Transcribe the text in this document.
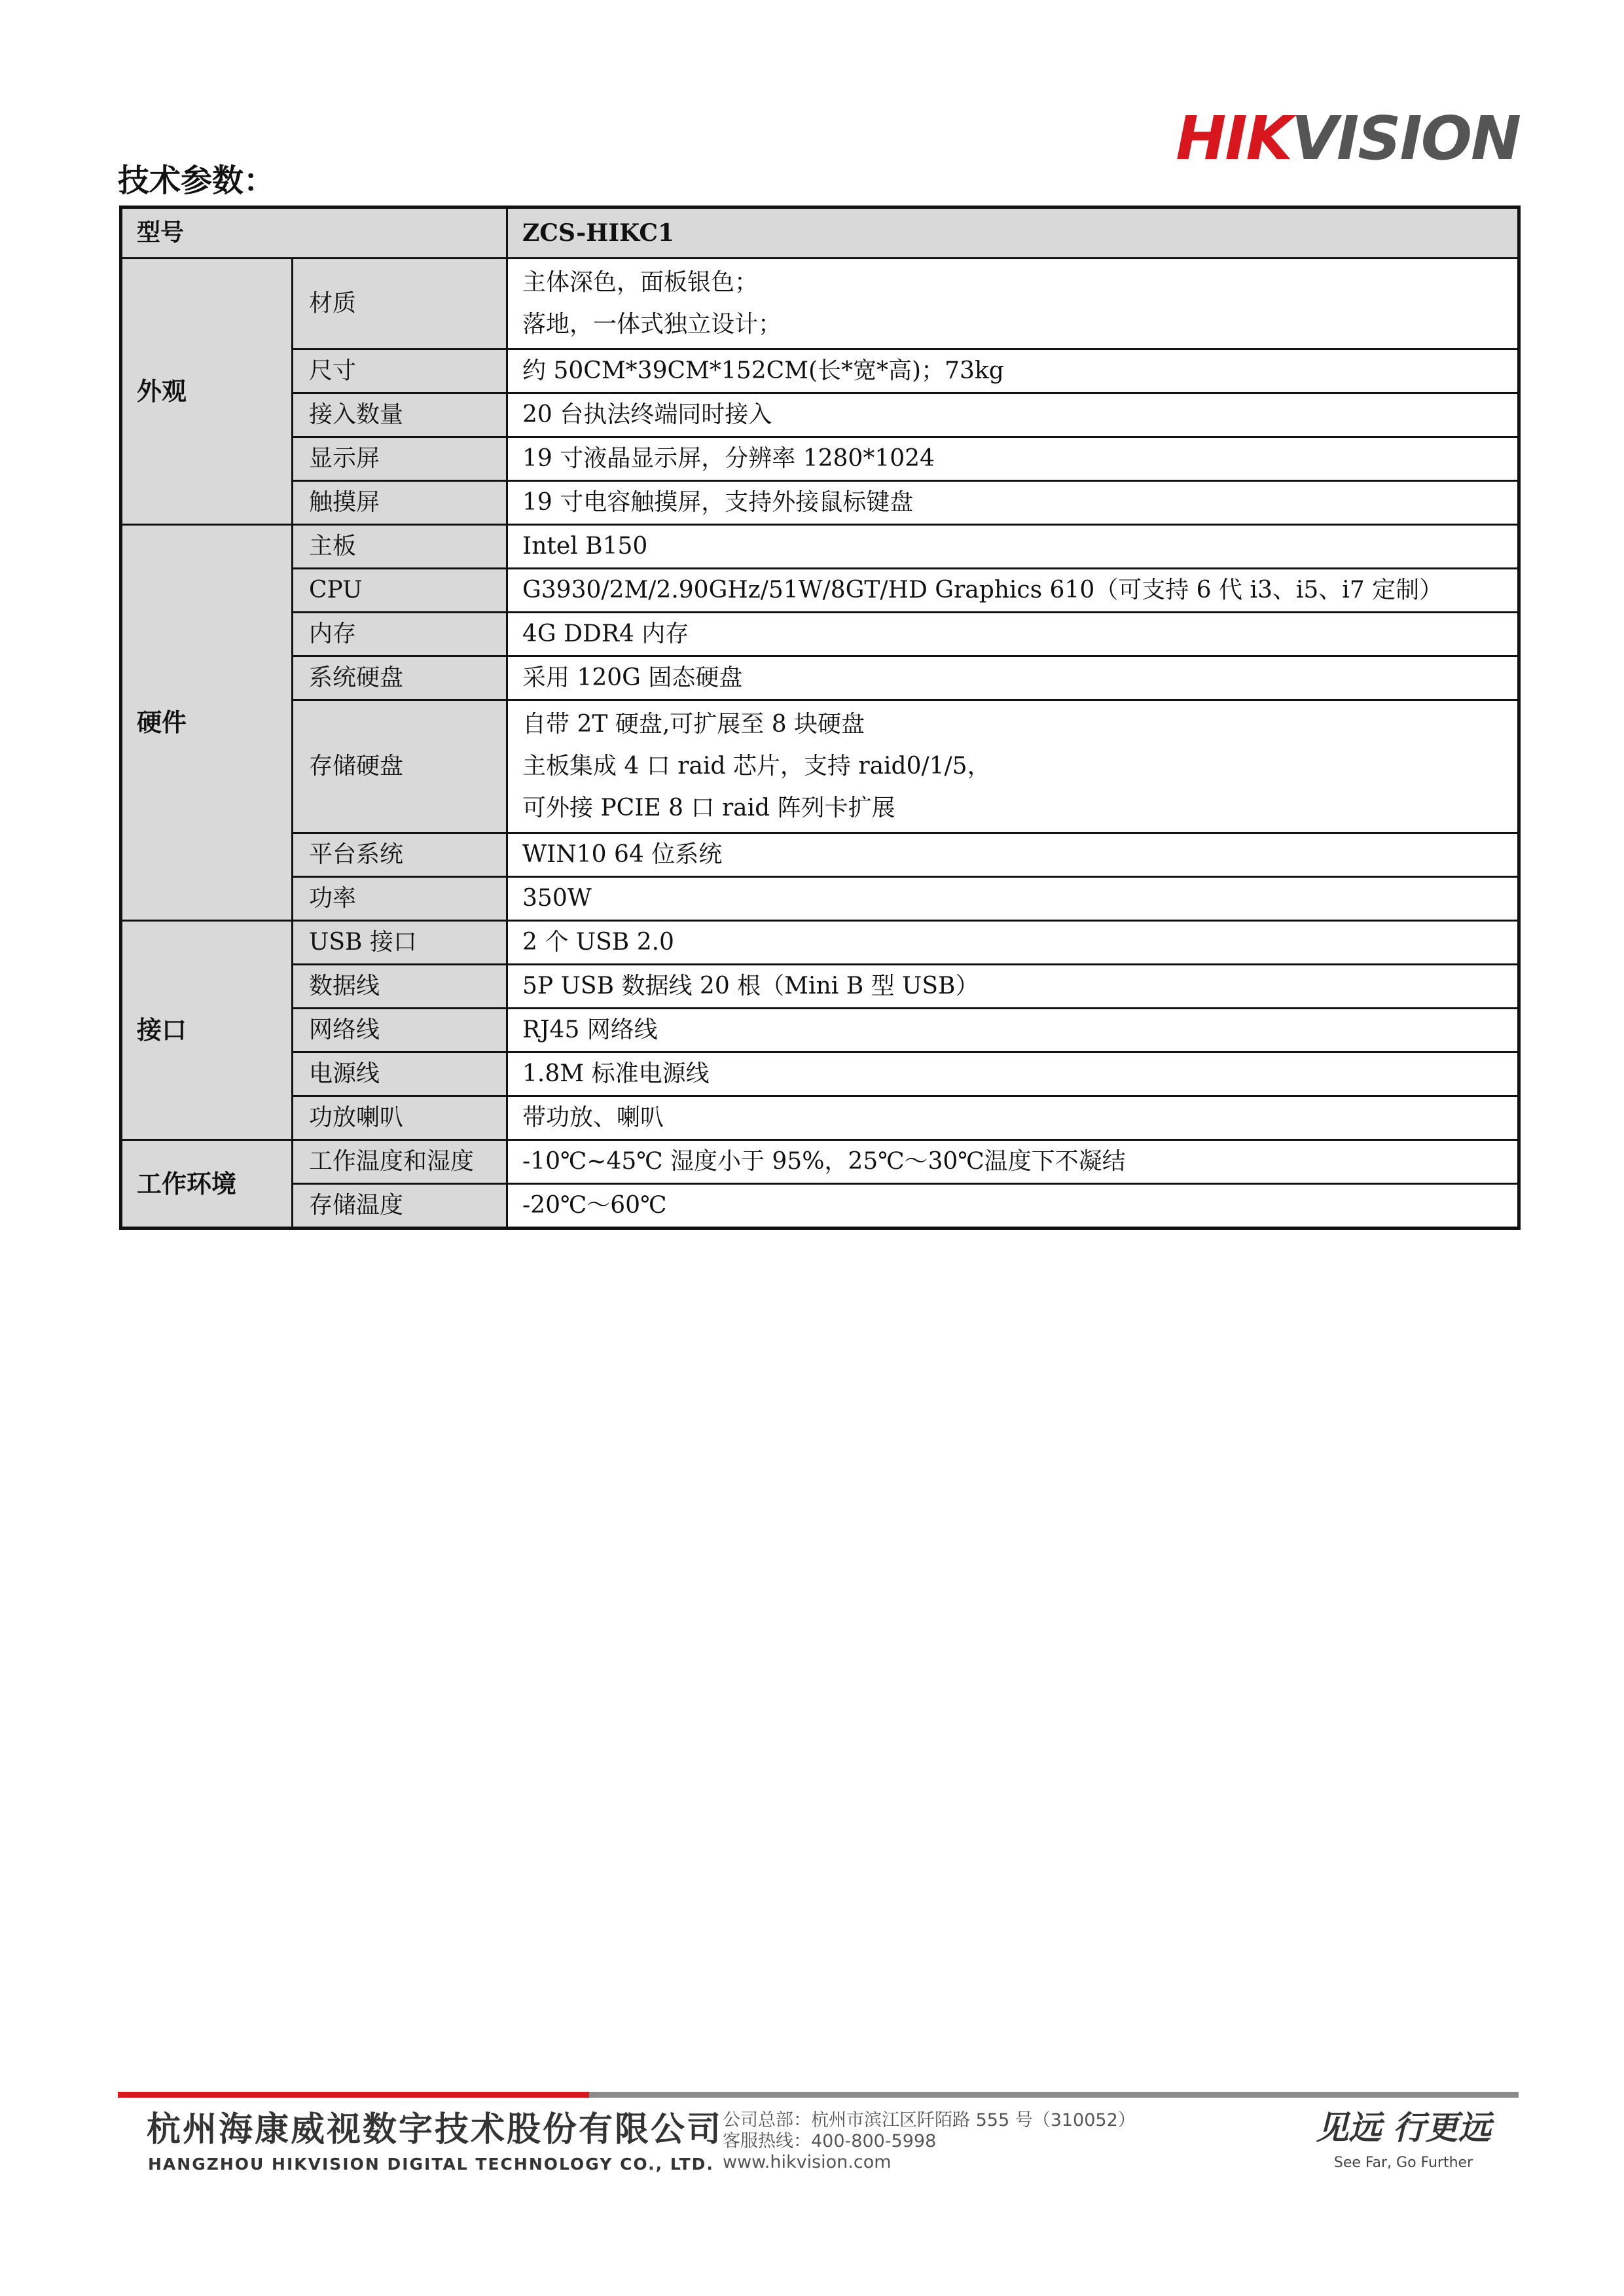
HIKVISION
技术参数：
型号		ZCS-HIKC1
外观	材质	主体深色，面板银色；
落地，一体式独立设计；

	尺寸	约 50CM*39CM*152CM(长*宽*高)；73kg

	接入数量	20 台执法终端同时接入

	显示屏	19 寸液晶显示屏，分辨率 1280*1024

	触摸屏	19 寸电容触摸屏，支持外接鼠标键盘

硬件	主板	Intel B150

	CPU	G3930/2M/2.90GHz/51W/8GT/HD Graphics 610（可支持 6 代 i3、i5、i7 定制）

	内存	4G DDR4 内存

	系统硬盘	采用 120G 固态硬盘

	存储硬盘	自带 2T 硬盘,可扩展至 8 块硬盘
主板集成 4 口 raid 芯片，支持 raid0/1/5，
可外接 PCIE 8 口 raid 阵列卡扩展

	平台系统	WIN10 64 位系统

	功率	350W

接口	USB 接口	2 个 USB 2.0

	数据线	5P USB 数据线 20 根（Mini B 型 USB）

	网络线	RJ45 网络线

	电源线	1.8M 标准电源线

	功放喇叭	带功放、喇叭

工作环境	工作温度和湿度	-10℃~45℃ 湿度小于 95%，25℃～30℃温度下不凝结

	存储温度	-20℃～60℃
杭州海康威视数字技术股份有限公司
HANGZHOU HIKVISION DIGITAL TECHNOLOGY CO., LTD.
公司总部：杭州市滨江区阡陌路 555 号（310052）
客服热线：400-800-5998
www.hikvision.com
见远 行更远
See Far, Go Further
